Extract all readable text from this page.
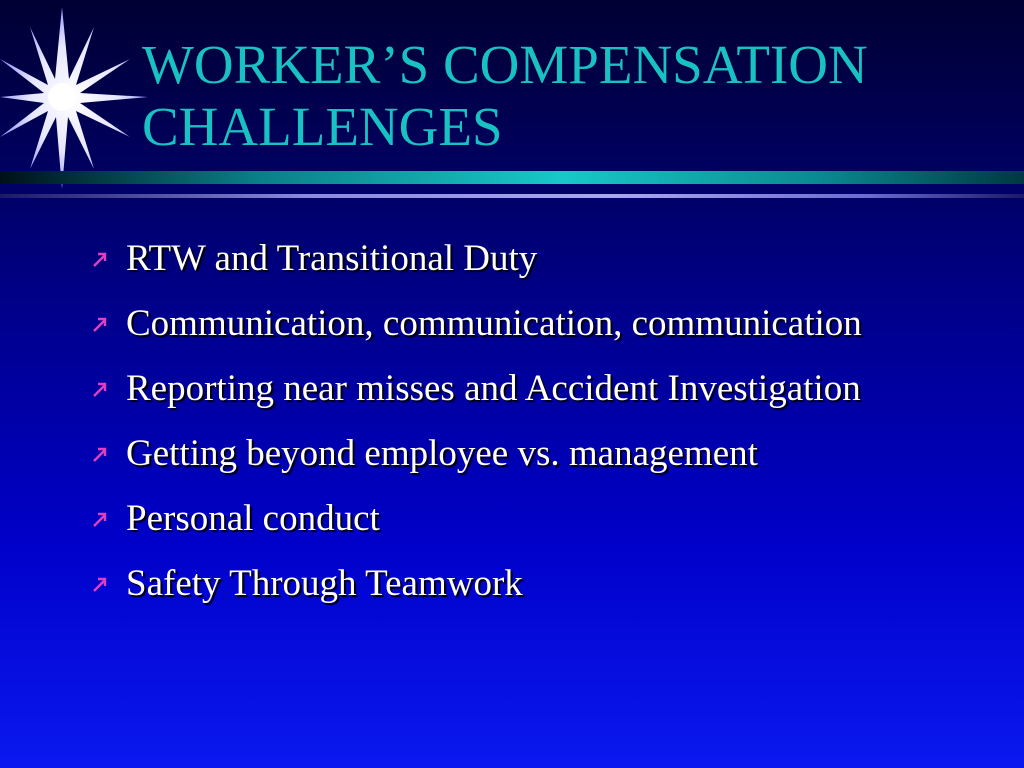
WORKER’S COMPENSATION
CHALLENGES
RTW and Transitional Duty
Communication, communication, communication
Reporting near misses and Accident Investigation
Getting beyond employee vs. management
Personal conduct
Safety Through Teamwork
